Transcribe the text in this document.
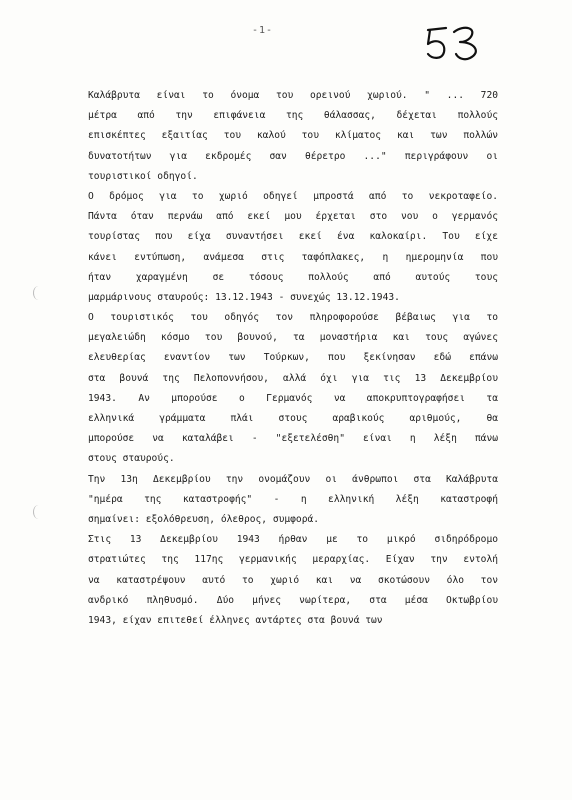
-1-
Καλάβρυτα είναι το όνομα του ορεινού χωριού. " ... 720
μέτρα από την επιφάνεια της θάλασσας, δέχεται πολλούς
επισκέπτες εξαιτίας του καλού του κλίματος και των πολλών
δυνατοτήτων για εκδρομές σαν θέρετρο ..." περιγράφουν οι
τουριστικοί οδηγοί.
Ο δρόμος για το χωριό οδηγεί μπροστά από το νεκροταφείο.
Πάντα όταν περνάω από εκεί μου έρχεται στο νου ο γερμανός
τουρίστας που είχα συναντήσει εκεί ένα καλοκαίρι. Του είχε
κάνει εντύπωση, ανάμεσα στις ταφόπλακες, η ημερομηνία που
ήταν χαραγμένη σε τόσους πολλούς από αυτούς τους
μαρμάρινους σταυρούς: 13.12.1943 - συνεχώς 13.12.1943.
Ο τουριστικός του οδηγός τον πληροφορούσε βέβαιως για το
μεγαλειώδη κόσμο του βουνού, τα μοναστήρια και τους αγώνες
ελευθερίας εναντίον των Τούρκων, που ξεκίνησαν εδώ επάνω
στα βουνά της Πελοποννήσου, αλλά όχι για τις 13 Δεκεμβρίου
1943. Αν μπορούσε ο Γερμανός να αποκρυπτογραφήσει τα
ελληνικά γράμματα πλάι στους αραβικούς αριθμούς, θα
μπορούσε να καταλάβει - "εξετελέσθη" είναι η λέξη πάνω
στους σταυρούς.
Την 13η Δεκεμβρίου την ονομάζουν οι άνθρωποι στα Καλάβρυτα
"ημέρα της καταστροφής" - η ελληνική λέξη καταστροφή
σημαίνει: εξολόθρευση, όλεθρος, συμφορά.
Στις 13 Δεκεμβρίου 1943 ήρθαν με το μικρό σιδηρόδρομο
στρατιώτες της 117ης γερμανικής μεραρχίας. Είχαν την εντολή
να καταστρέψουν αυτό το χωριό και να σκοτώσουν όλο τον
ανδρικό πληθυσμό. Δύο μήνες νωρίτερα, στα μέσα Οκτωβρίου
1943, είχαν επιτεθεί έλληνες αντάρτες στα βουνά των
